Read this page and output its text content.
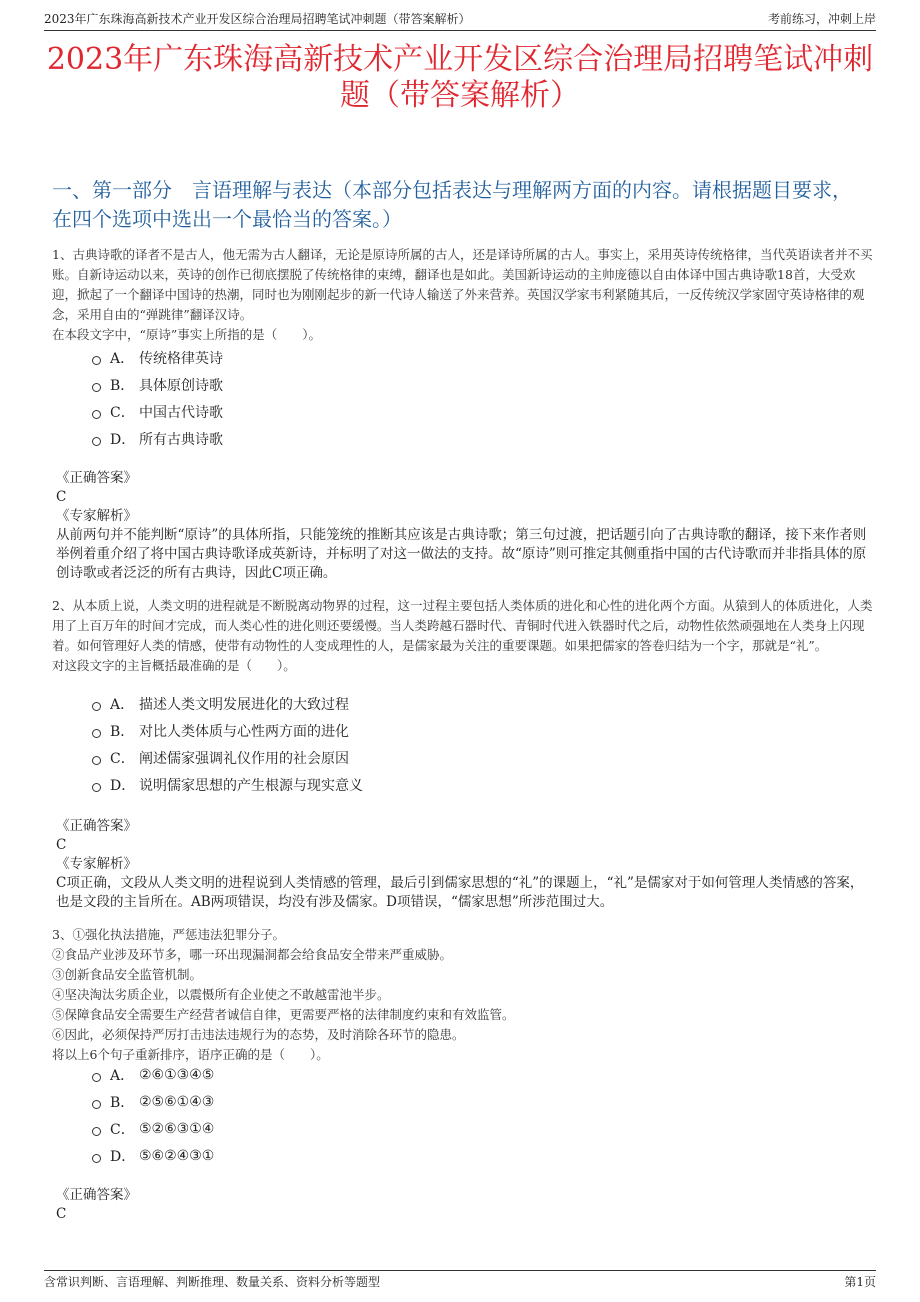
2023年广东珠海高新技术产业开发区综合治理局招聘笔试冲刺题（带答案解析）	考前练习，冲刺上岸
2023年广东珠海高新技术产业开发区综合治理局招聘笔试冲刺题（带答案解析）
一、第一部分　言语理解与表达（本部分包括表达与理解两方面的内容。请根据题目要求，在四个选项中选出一个最恰当的答案。）

1、古典诗歌的译者不是古人，他无需为古人翻译，无论是原诗所属的古人，还是译诗所属的古人。事实上，采用英诗传统格律，当代英语读者并不买账。自新诗运动以来，英诗的创作已彻底摆脱了传统格律的束缚，翻译也是如此。美国新诗运动的主帅庞德以自由体译中国古典诗歌18首，大受欢迎，掀起了一个翻译中国诗的热潮，同时也为刚刚起步的新一代诗人输送了外来营养。英国汉学家韦利紧随其后，一反传统汉学家固守英诗格律的观念，采用自由的“弹跳律”翻译汉诗。

在本段文字中，“原诗”事实上所指的是（　　）。

A． 传统格律英诗
B． 具体原创诗歌
C． 中国古代诗歌
D． 所有古典诗歌

《正确答案》

C

《专家解析》

从前两句并不能判断“原诗”的具体所指，只能笼统的推断其应该是古典诗歌；第三句过渡，把话题引向了古典诗歌的翻译，接下来作者则举例着重介绍了将中国古典诗歌译成英新诗，并标明了对这一做法的支持。故“原诗”则可推定其侧重指中国的古代诗歌而并非指具体的原创诗歌或者泛泛的所有古典诗，因此C项正确。

2、从本质上说，人类文明的进程就是不断脱离动物界的过程，这一过程主要包括人类体质的进化和心性的进化两个方面。从猿到人的体质进化，人类用了上百万年的时间才完成，而人类心性的进化则还要缓慢。当人类跨越石器时代、青铜时代进入铁器时代之后，动物性依然顽强地在人类身上闪现着。如何管理好人类的情感，使带有动物性的人变成理性的人，是儒家最为关注的重要课题。如果把儒家的答卷归结为一个字，那就是“礼”。

对这段文字的主旨概括最准确的是（　　）。

A． 描述人类文明发展进化的大致过程
B． 对比人类体质与心性两方面的进化
C． 阐述儒家强调礼仪作用的社会原因
D． 说明儒家思想的产生根源与现实意义

《正确答案》

C

《专家解析》

C项正确，文段从人类文明的进程说到人类情感的管理，最后引到儒家思想的“礼”的课题上，“礼”是儒家对于如何管理人类情感的答案，也是文段的主旨所在。AB两项错误，均没有涉及儒家。D项错误，“儒家思想”所涉范围过大。

3、①强化执法措施，严惩违法犯罪分子。

②食品产业涉及环节多，哪一环出现漏洞都会给食品安全带来严重威胁。

③创新食品安全监管机制。

④坚决淘汰劣质企业，以震慑所有企业使之不敢越雷池半步。

⑤保障食品安全需要生产经营者诚信自律，更需要严格的法律制度约束和有效监管。

⑥因此，必须保持严厉打击违法违规行为的态势，及时消除各环节的隐患。

将以上6个句子重新排序，语序正确的是（　　）。

A． ②⑥①③④⑤
B． ②⑤⑥①④③
C． ⑤②⑥③①④
D． ⑤⑥②④③①

《正确答案》

C

含常识判断、言语理解、判断推理、数量关系、资料分析等题型	第1页
